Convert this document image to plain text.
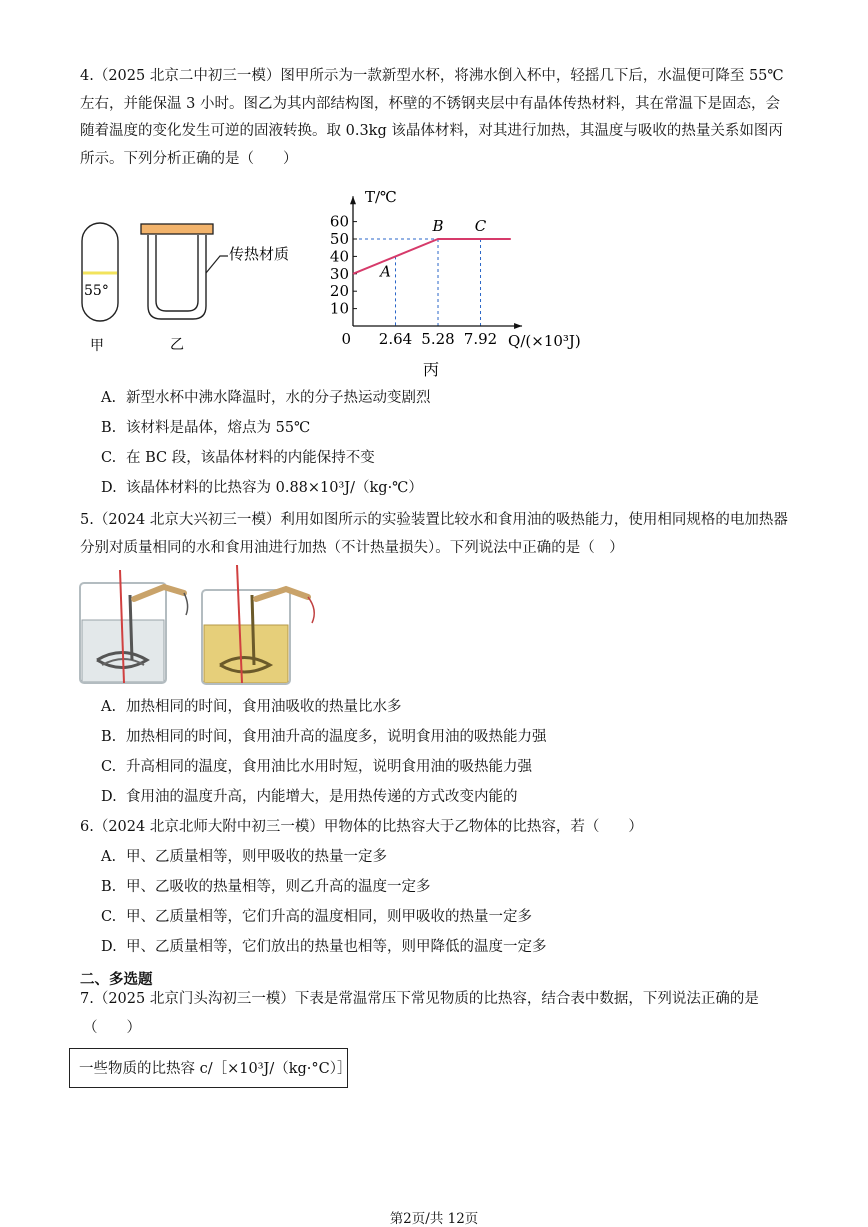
4.（2025 北京二中初三一模）图甲所示为一款新型水杯，将沸水倒入杯中，轻摇几下后，水温便可降至 55℃ 左右，并能保温 3 小时。图乙为其内部结构图，杯壁的不锈钢夹层中有晶体传热材料，其在常温下是固态，会随着温度的变化发生可逆的固液转换。取 0.3kg 该晶体材料，对其进行加热，其温度与吸收的热量关系如图丙所示。下列分析正确的是（　　）
55°
甲
传热材质
乙
10
20
30
40
50
60
2.64 5.28 7.92
0
T/℃
Q/(×10³J)
A
B C
丙
A. 新型水杯中沸水降温时，水的分子热运动变剧烈
B. 该材料是晶体，熔点为 55℃
C. 在 BC 段，该晶体材料的内能保持不变
D. 该晶体材料的比热容为 0.88×10³J/（kg·℃）
5.（2024 北京大兴初三一模）利用如图所示的实验装置比较水和食用油的吸热能力，使用相同规格的电加热器分别对质量相同的水和食用油进行加热（不计热量损失）。下列说法中正确的是（　）
A. 加热相同的时间，食用油吸收的热量比水多
B. 加热相同的时间，食用油升高的温度多，说明食用油的吸热能力强
C. 升高相同的温度，食用油比水用时短，说明食用油的吸热能力强
D. 食用油的温度升高，内能增大，是用热传递的方式改变内能的
6.（2024 北京北师大附中初三一模）甲物体的比热容大于乙物体的比热容，若（　　）
A. 甲、乙质量相等，则甲吸收的热量一定多
B. 甲、乙吸收的热量相等，则乙升高的温度一定多
C. 甲、乙质量相等，它们升高的温度相同，则甲吸收的热量一定多
D. 甲、乙质量相等，它们放出的热量也相等，则甲降低的温度一定多
二、多选题
7.（2025 北京门头沟初三一模）下表是常温常压下常见物质的比热容，结合表中数据，下列说法正确的是
（　　）
一些物质的比热容 c/［×10³J/（kg·°C）］
第2页/共 12页
